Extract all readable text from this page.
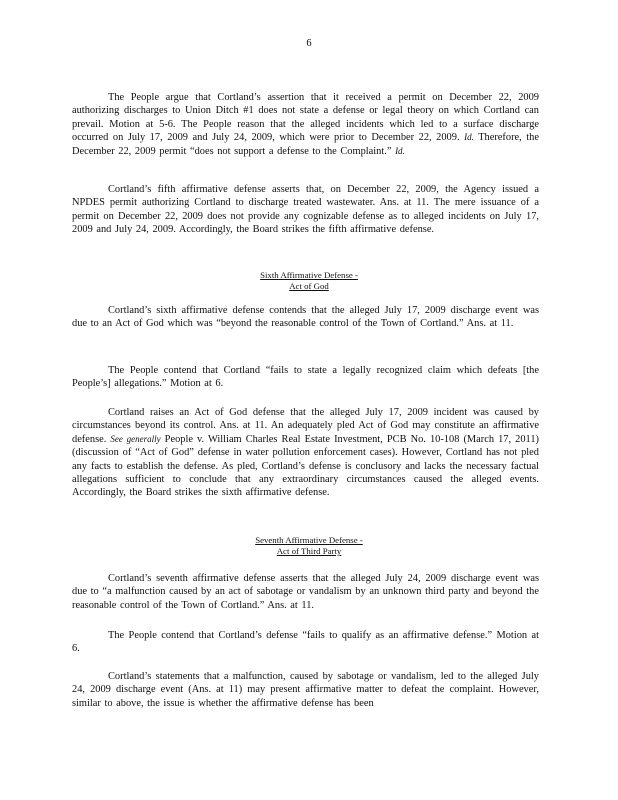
6

The People argue that Cortland’s assertion that it received a permit on December 22, 2009 authorizing discharges to Union Ditch #1 does not state a defense or legal theory on which Cortland can prevail. Motion at 5-6. The People reason that the alleged incidents which led to a surface discharge occurred on July 17, 2009 and July 24, 2009, which were prior to December 22, 2009. Id. Therefore, the December 22, 2009 permit “does not support a defense to the Complaint.” Id.

Cortland’s fifth affirmative defense asserts that, on December 22, 2009, the Agency issued a NPDES permit authorizing Cortland to discharge treated wastewater. Ans. at 11. The mere issuance of a permit on December 22, 2009 does not provide any cognizable defense as to alleged incidents on July 17, 2009 and July 24, 2009. Accordingly, the Board strikes the fifth affirmative defense.

Sixth Affirmative Defense -
Act of God

Cortland’s sixth affirmative defense contends that the alleged July 17, 2009 discharge event was due to an Act of God which was “beyond the reasonable control of the Town of Cortland.” Ans. at 11.

The People contend that Cortland “fails to state a legally recognized claim which defeats [the People’s] allegations.” Motion at 6.

Cortland raises an Act of God defense that the alleged July 17, 2009 incident was caused by circumstances beyond its control. Ans. at 11. An adequately pled Act of God may constitute an affirmative defense. See generally People v. William Charles Real Estate Investment, PCB No. 10-108 (March 17, 2011) (discussion of “Act of God” defense in water pollution enforcement cases). However, Cortland has not pled any facts to establish the defense. As pled, Cortland’s defense is conclusory and lacks the necessary factual allegations sufficient to conclude that any extraordinary circumstances caused the alleged events. Accordingly, the Board strikes the sixth affirmative defense.

Seventh Affirmative Defense -
Act of Third Party

Cortland’s seventh affirmative defense asserts that the alleged July 24, 2009 discharge event was due to “a malfunction caused by an act of sabotage or vandalism by an unknown third party and beyond the reasonable control of the Town of Cortland.” Ans. at 11.

The People contend that Cortland’s defense “fails to qualify as an affirmative defense.” Motion at 6.

Cortland’s statements that a malfunction, caused by sabotage or vandalism, led to the alleged July 24, 2009 discharge event (Ans. at 11) may present affirmative matter to defeat the complaint. However, similar to above, the issue is whether the affirmative defense has been
